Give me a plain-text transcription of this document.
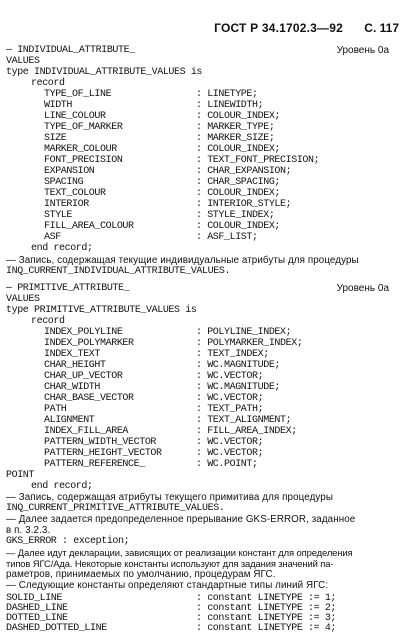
ГОСТ Р 34.1702.3—92 С. 117
— INDIVIDUAL_ATTRIBUTE_	Уровень 0а
VALUES
type INDIVIDUAL_ATTRIBUTE_VALUES is
record
TYPE_OF_LINE	: LINETYPE;
WIDTH	: LINEWIDTH;
LINE_COLOUR	: COLOUR_INDEX;
TYPE_OF_MARKER	: MARKER_TYPE;
SIZE	: MARKER_SIZE;
MARKER_COLOUR	: COLOUR_INDEX;
FONT_PRECISION	: TEXT_FONT_PRECISION;
EXPANSION	: CHAR_EXPANSION;
SPACING	: CHAR_SPACING;
TEXT_COLOUR	: COLOUR_INDEX;
INTERIOR	: INTERIOR_STYLE;
STYLE	: STYLE_INDEX;
FILL_AREA_COLOUR	: COLOUR_INDEX;
ASF	: ASF_LIST;
end record;
— Запись, содержащая текущие индивидуальные атрибуты для процедуры
INQ_CURRENT_INDIVIDUAL_ATTRIBUTE_VALUES.
— PRIMITIVE_ATTRIBUTE_	Уровень 0а
VALUES
type PRIMITIVE_ATTRIBUTE_VALUES is
record
INDEX_POLYLINE	: POLYLINE_INDEX;
INDEX_POLYMARKER	: POLYMARKER_INDEX;
INDEX_TEXT	: TEXT_INDEX;
CHAR_HEIGHT	: WC.MAGNITUDE;
CHAR_UP_VECTOR	: WC.VECTOR;
CHAR_WIDTH	: WC.MAGNITUDE;
CHAR_BASE_VECTOR	: WC.VECTOR;
PATH	: TEXT_PATH;
ALIGNMENT	: TEXT_ALIGNMENT;
INDEX_FILL_AREA	: FILL_AREA_INDEX;
PATTERN_WIDTH_VECTOR	: WC.VECTOR;
PATTERN_HEIGHT_VECTOR	: WC.VECTOR;
PATTERN_REFERENCE_	: WC.POINT;
POINT
end record;
— Запись, содержащая атрибуты текущего примитива для процедуры
INQ_CURRENT_PRIMITIVE_ATTRIBUTE_VALUES.
— Далее задается предопределенное прерывание GKS-ERROR, заданное
в п. 3.2.3.
GKS_ERROR : exception;
— Далее идут декларации, зависящих от реализации констант для определения
типов ЯГС/Ада. Некоторые константы используют для задания значений па-
раметров, принимаемых по умолчанию, процедурам ЯГС.
— Следующие константы определяют стандартные типы линий ЯГС:
SOLID_LINE	: constant LINETYPE := 1;
DASHED_LINE	: constant LINETYPE := 2;
DOTTED_LINE	: constant LINETYPE := 3;
DASHED_DOTTED_LINE	: constant LINETYPE := 4;
